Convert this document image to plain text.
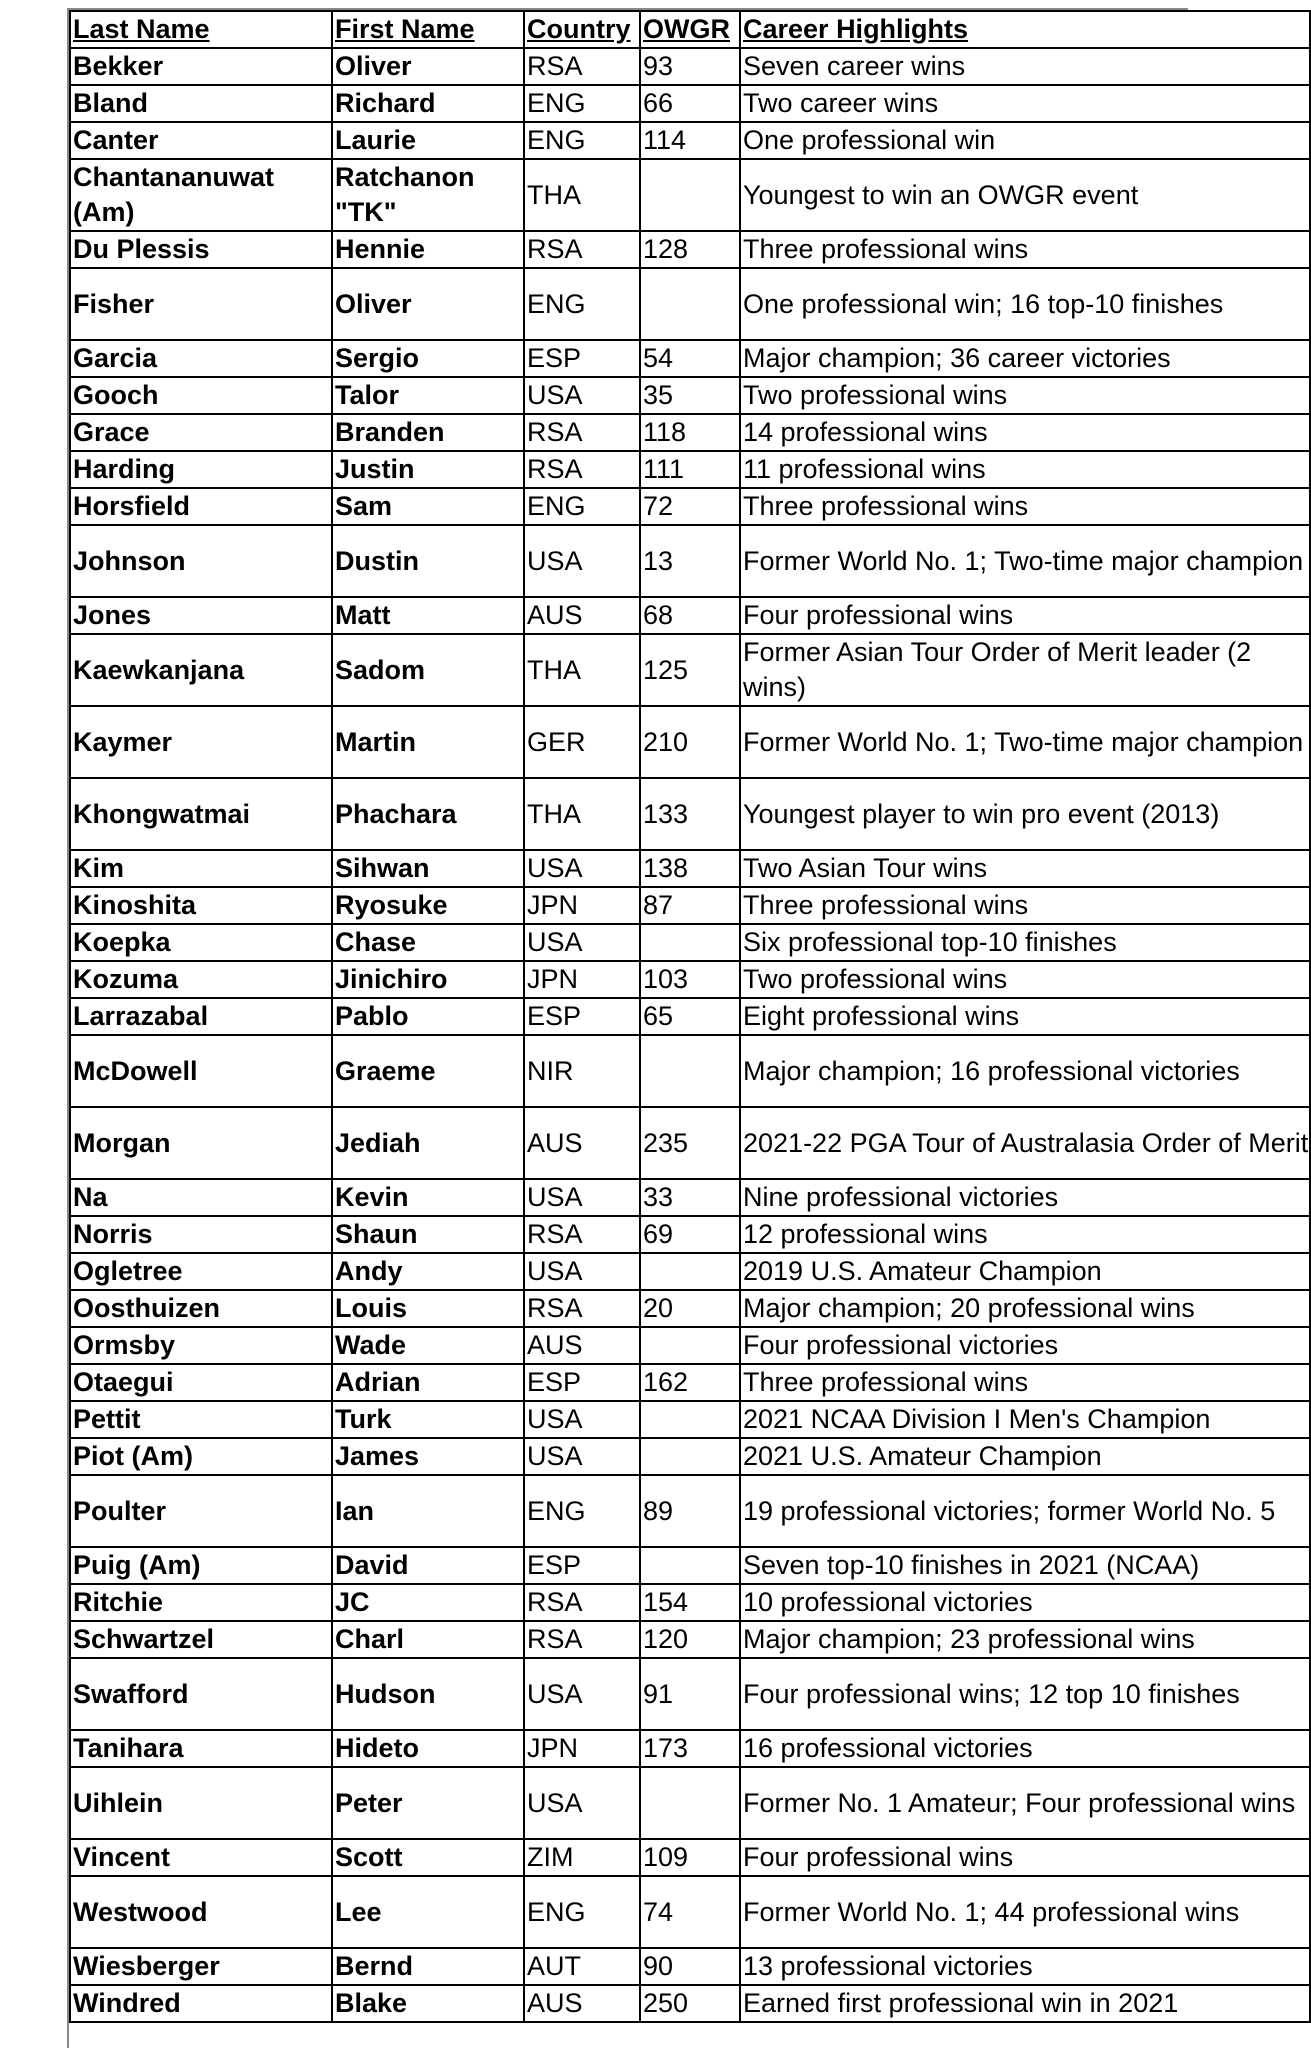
Last Name	First Name	Country	OWGR	Career Highlights
Bekker	Oliver	RSA	93	Seven career wins
Bland	Richard	ENG	66	Two career wins
Canter	Laurie	ENG	114	One professional win
Chantananuwat (Am)	Ratchanon "TK"	THA		Youngest to win an OWGR event
Du Plessis	Hennie	RSA	128	Three professional wins
Fisher	Oliver	ENG		One professional win; 16 top-10 finishes
Garcia	Sergio	ESP	54	Major champion; 36 career victories
Gooch	Talor	USA	35	Two professional wins
Grace	Branden	RSA	118	14 professional wins
Harding	Justin	RSA	111	11 professional wins
Horsfield	Sam	ENG	72	Three professional wins
Johnson	Dustin	USA	13	Former World No. 1; Two-time major champion
Jones	Matt	AUS	68	Four professional wins
Kaewkanjana	Sadom	THA	125	Former Asian Tour Order of Merit leader (2 wins)
Kaymer	Martin	GER	210	Former World No. 1; Two-time major champion
Khongwatmai	Phachara	THA	133	Youngest player to win pro event (2013)
Kim	Sihwan	USA	138	Two Asian Tour wins
Kinoshita	Ryosuke	JPN	87	Three professional wins
Koepka	Chase	USA		Six professional top-10 finishes
Kozuma	Jinichiro	JPN	103	Two professional wins
Larrazabal	Pablo	ESP	65	Eight professional wins
McDowell	Graeme	NIR		Major champion; 16 professional victories
Morgan	Jediah	AUS	235	2021-22 PGA Tour of Australasia Order of Merit
Na	Kevin	USA	33	Nine professional victories
Norris	Shaun	RSA	69	12 professional wins
Ogletree	Andy	USA		2019 U.S. Amateur Champion
Oosthuizen	Louis	RSA	20	Major champion; 20 professional wins
Ormsby	Wade	AUS		Four professional victories
Otaegui	Adrian	ESP	162	Three professional wins
Pettit	Turk	USA		2021 NCAA Division I Men's Champion
Piot (Am)	James	USA		2021 U.S. Amateur Champion
Poulter	Ian	ENG	89	19 professional victories; former World No. 5
Puig (Am)	David	ESP		Seven top-10 finishes in 2021 (NCAA)
Ritchie	JC	RSA	154	10 professional victories
Schwartzel	Charl	RSA	120	Major champion; 23 professional wins
Swafford	Hudson	USA	91	Four professional wins; 12 top 10 finishes
Tanihara	Hideto	JPN	173	16 professional victories
Uihlein	Peter	USA		Former No. 1 Amateur; Four professional wins
Vincent	Scott	ZIM	109	Four professional wins
Westwood	Lee	ENG	74	Former World No. 1; 44 professional wins
Wiesberger	Bernd	AUT	90	13 professional victories
Windred	Blake	AUS	250	Earned first professional win in 2021
